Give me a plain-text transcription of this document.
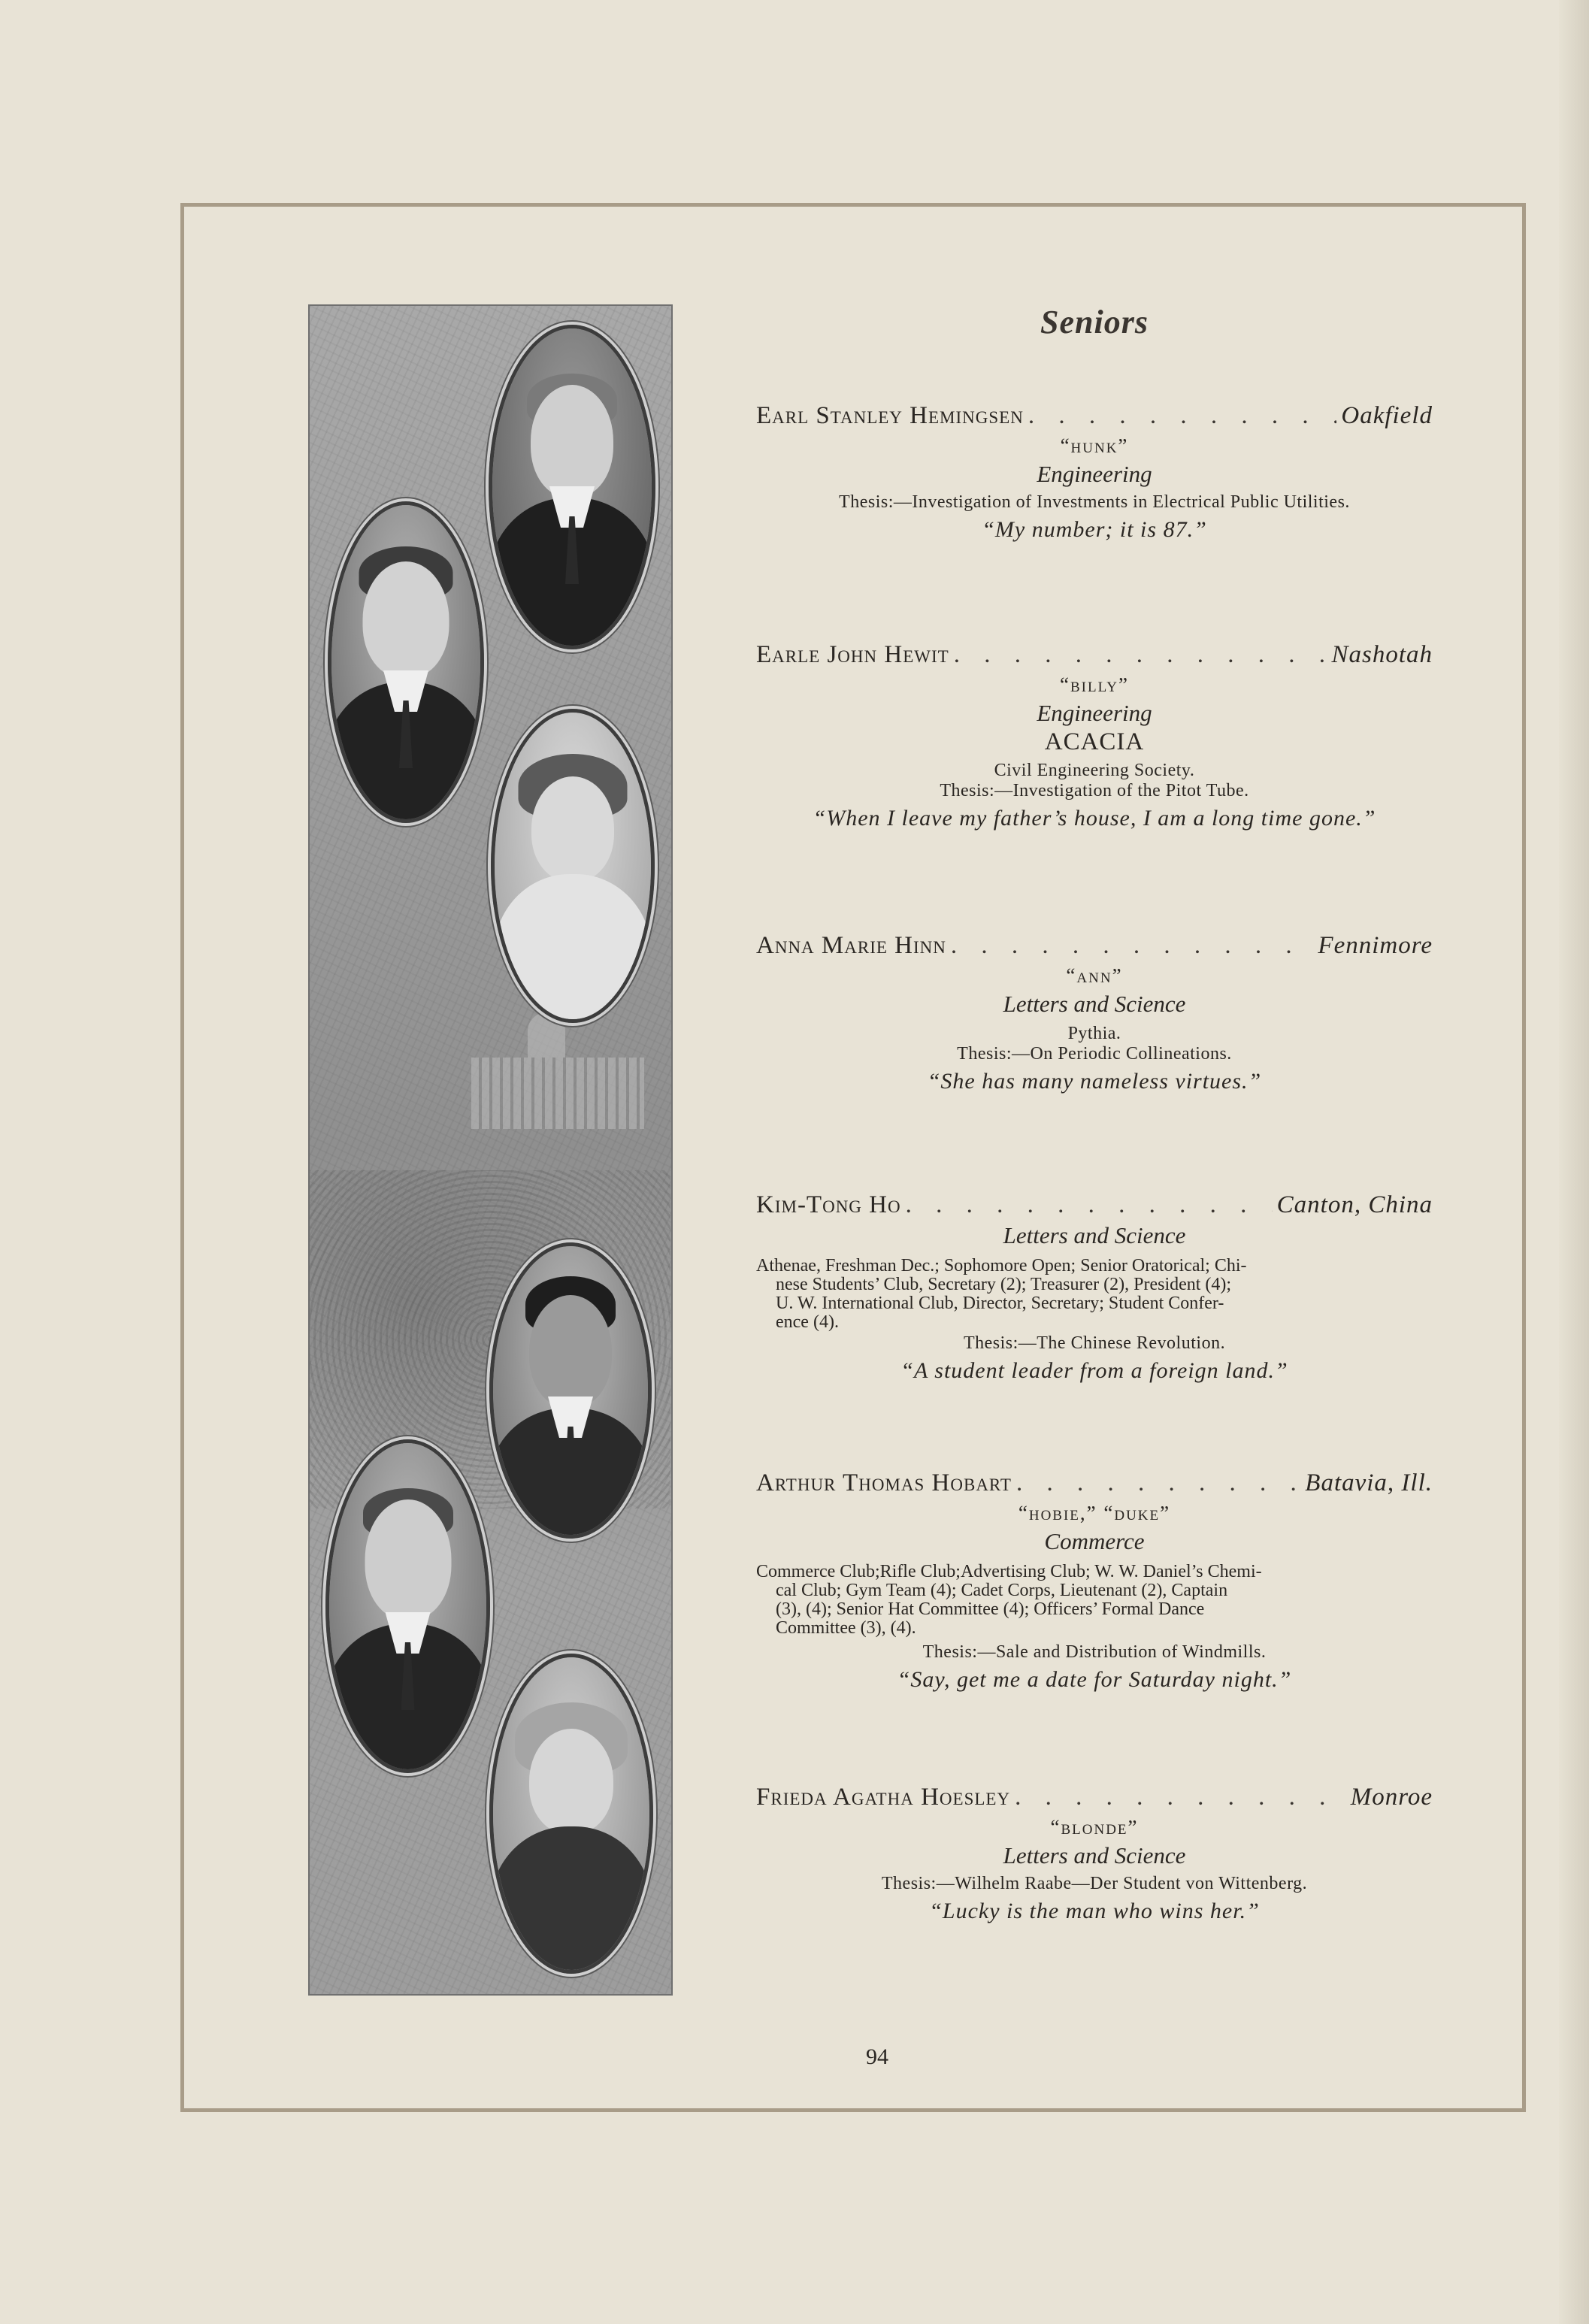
Seniors
Earl Stanley Hemingsen . . .	Oakfield
“hunk”
Engineering
Thesis:—Investigation of Investments in Electrical Public Utilities.
“My number; it is 87.”
Earle John Hewit . . .	Nashotah
“billy”
Engineering
ACACIA
Civil Engineering Society.
Thesis:—Investigation of the Pitot Tube.
“When I leave my father’s house, I am a long time gone.”
Anna Marie Hinn . . .	Fennimore
“ann”
Letters and Science
Pythia.
Thesis:—On Periodic Collineations.
“She has many nameless virtues.”
Kim-Tong Ho . . .	Canton, China
Letters and Science
Athenae, Freshman Dec.; Sophomore Open; Senior Oratorical; Chi-
nese Students’ Club, Secretary (2); Treasurer (2), President (4);
U. W. International Club, Director, Secretary; Student Confer-
ence (4).
Thesis:—The Chinese Revolution.
“A student leader from a foreign land.”
Arthur Thomas Hobart . . .	Batavia, Ill.
“hobie,” “duke”
Commerce
Commerce Club;Rifle Club;Advertising Club; W. W. Daniel’s Chemi-
cal Club; Gym Team (4); Cadet Corps, Lieutenant (2), Captain
(3), (4); Senior Hat Committee (4); Officers’ Formal Dance
Committee (3), (4).
Thesis:—Sale and Distribution of Windmills.
“Say, get me a date for Saturday night.”
Frieda Agatha Hoesley . . .	Monroe
“blonde”
Letters and Science
Thesis:—Wilhelm Raabe—Der Student von Wittenberg.
“Lucky is the man who wins her.”
94
